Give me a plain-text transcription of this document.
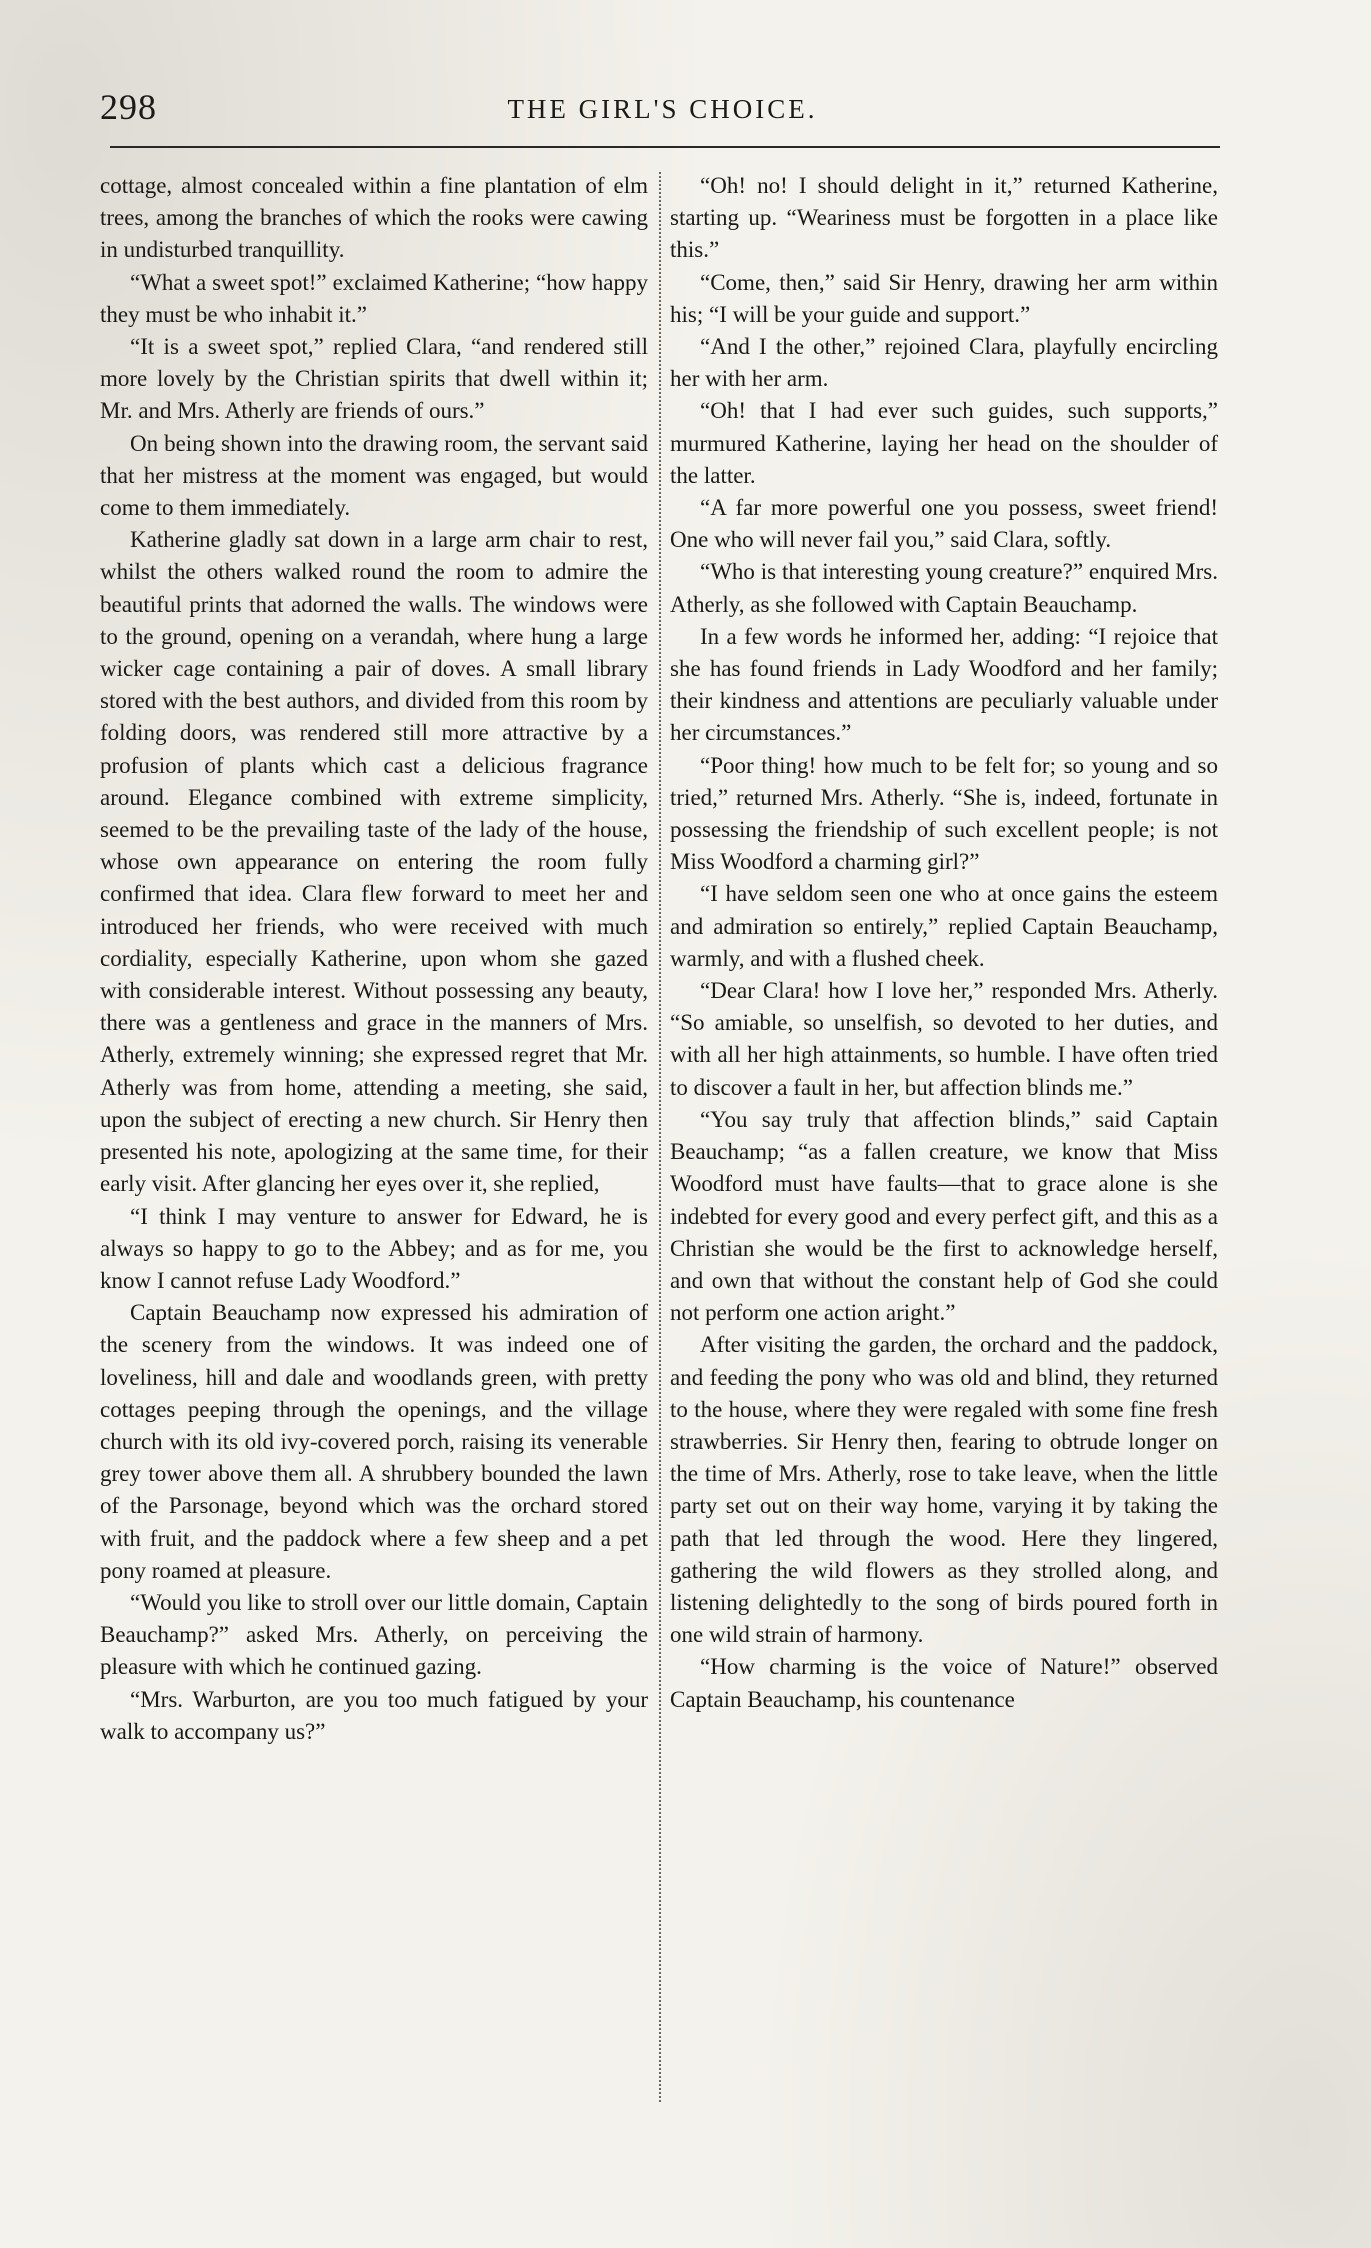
298	THE GIRL'S CHOICE.

cottage, almost concealed within a fine plantation of elm trees, among the branches of which the rooks were cawing in undisturbed tranquillity.

“What a sweet spot!” exclaimed Katherine; “how happy they must be who inhabit it.”

“It is a sweet spot,” replied Clara, “and rendered still more lovely by the Christian spirits that dwell within it; Mr. and Mrs. Atherly are friends of ours.”

On being shown into the drawing room, the servant said that her mistress at the moment was engaged, but would come to them immediately.

Katherine gladly sat down in a large arm chair to rest, whilst the others walked round the room to admire the beautiful prints that adorned the walls. The windows were to the ground, opening on a verandah, where hung a large wicker cage containing a pair of doves. A small library stored with the best authors, and divided from this room by folding doors, was rendered still more attractive by a profusion of plants which cast a delicious fragrance around. Elegance combined with extreme simplicity, seemed to be the prevailing taste of the lady of the house, whose own appearance on entering the room fully confirmed that idea. Clara flew forward to meet her and introduced her friends, who were received with much cordiality, especially Katherine, upon whom she gazed with considerable interest. Without possessing any beauty, there was a gentleness and grace in the manners of Mrs. Atherly, extremely winning; she expressed regret that Mr. Atherly was from home, attending a meeting, she said, upon the subject of erecting a new church. Sir Henry then presented his note, apologizing at the same time, for their early visit. After glancing her eyes over it, she replied,

“I think I may venture to answer for Edward, he is always so happy to go to the Abbey; and as for me, you know I cannot refuse Lady Woodford.”

Captain Beauchamp now expressed his admiration of the scenery from the windows. It was indeed one of loveliness, hill and dale and woodlands green, with pretty cottages peeping through the openings, and the village church with its old ivy-covered porch, raising its venerable grey tower above them all. A shrubbery bounded the lawn of the Parsonage, beyond which was the orchard stored with fruit, and the paddock where a few sheep and a pet pony roamed at pleasure.

“Would you like to stroll over our little domain, Captain Beauchamp?” asked Mrs. Atherly, on perceiving the pleasure with which he continued gazing.

“Mrs. Warburton, are you too much fatigued by your walk to accompany us?”

“Oh! no! I should delight in it,” returned Katherine, starting up. “Weariness must be forgotten in a place like this.”

“Come, then,” said Sir Henry, drawing her arm within his; “I will be your guide and support.”

“And I the other,” rejoined Clara, playfully encircling her with her arm.

“Oh! that I had ever such guides, such supports,” murmured Katherine, laying her head on the shoulder of the latter.

“A far more powerful one you possess, sweet friend! One who will never fail you,” said Clara, softly.

“Who is that interesting young creature?” enquired Mrs. Atherly, as she followed with Captain Beauchamp.

In a few words he informed her, adding: “I rejoice that she has found friends in Lady Woodford and her family; their kindness and attentions are peculiarly valuable under her circumstances.”

“Poor thing! how much to be felt for; so young and so tried,” returned Mrs. Atherly. “She is, indeed, fortunate in possessing the friendship of such excellent people; is not Miss Woodford a charming girl?”

“I have seldom seen one who at once gains the esteem and admiration so entirely,” replied Captain Beauchamp, warmly, and with a flushed cheek.

“Dear Clara! how I love her,” responded Mrs. Atherly. “So amiable, so unselfish, so devoted to her duties, and with all her high attainments, so humble. I have often tried to discover a fault in her, but affection blinds me.”

“You say truly that affection blinds,” said Captain Beauchamp; “as a fallen creature, we know that Miss Woodford must have faults—that to grace alone is she indebted for every good and every perfect gift, and this as a Christian she would be the first to acknowledge herself, and own that without the constant help of God she could not perform one action aright.”

After visiting the garden, the orchard and the paddock, and feeding the pony who was old and blind, they returned to the house, where they were regaled with some fine fresh strawberries. Sir Henry then, fearing to obtrude longer on the time of Mrs. Atherly, rose to take leave, when the little party set out on their way home, varying it by taking the path that led through the wood. Here they lingered, gathering the wild flowers as they strolled along, and listening delightedly to the song of birds poured forth in one wild strain of harmony.

“How charming is the voice of Nature!” observed Captain Beauchamp, his countenance
